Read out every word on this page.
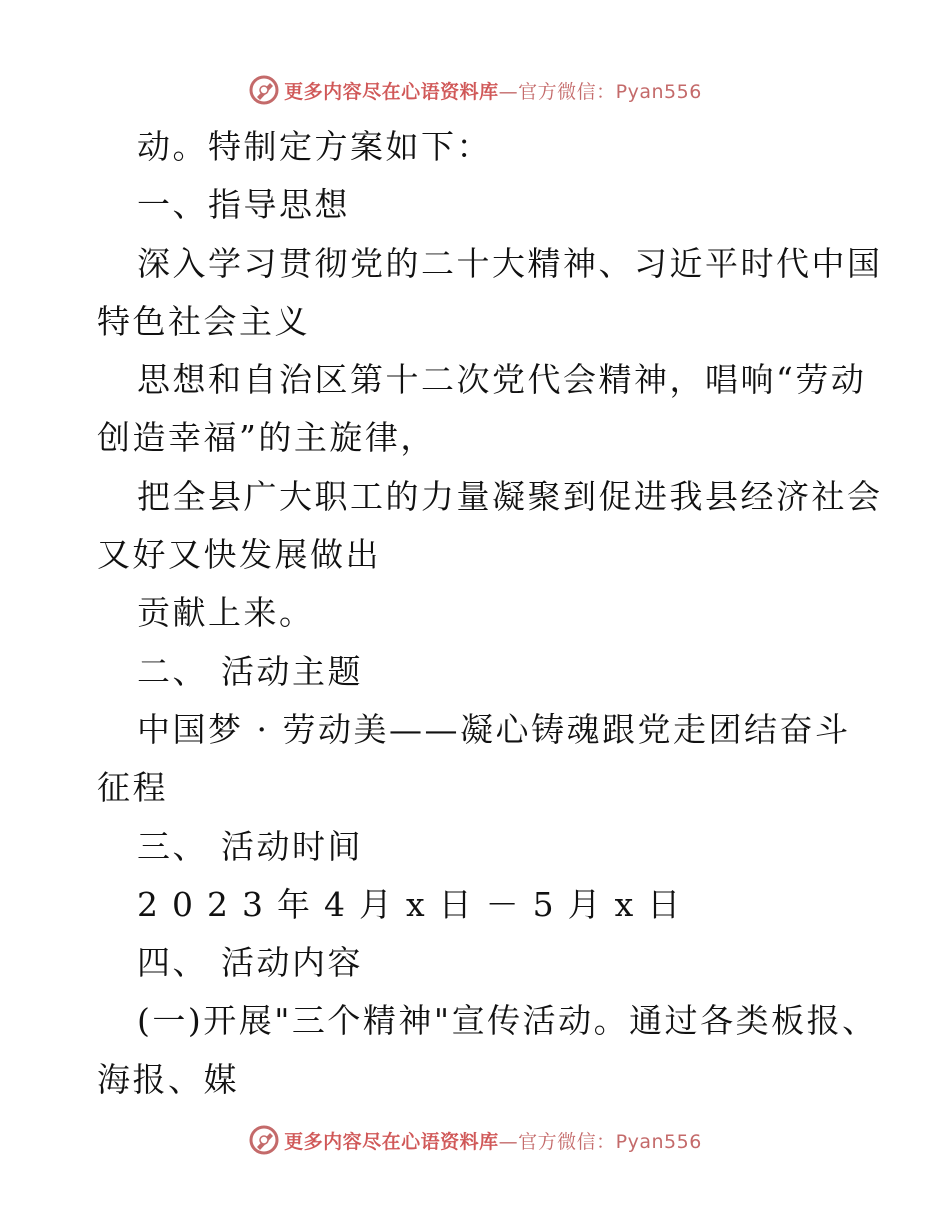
更多内容尽在心语资料库—官方微信：Pyan556
动。特制定方案如下：
一、指导思想
深入学习贯彻党的二十大精神、习近平时代中国
特色社会主义
思想和自治区第十二次党代会精神，唱响“劳动
创造幸福”的主旋律，
把全县广大职工的力量凝聚到促进我县经济社会
又好又快发展做出
贡献上来。
二、 活动主题
中国梦 · 劳动美——凝心铸魂跟党走团结奋斗
征程
三、 活动时间
2023年4月x日－5月x日
四、 活动内容
(一)开展"三个精神"宣传活动。通过各类板报、
海报、媒
更多内容尽在心语资料库—官方微信：Pyan556
